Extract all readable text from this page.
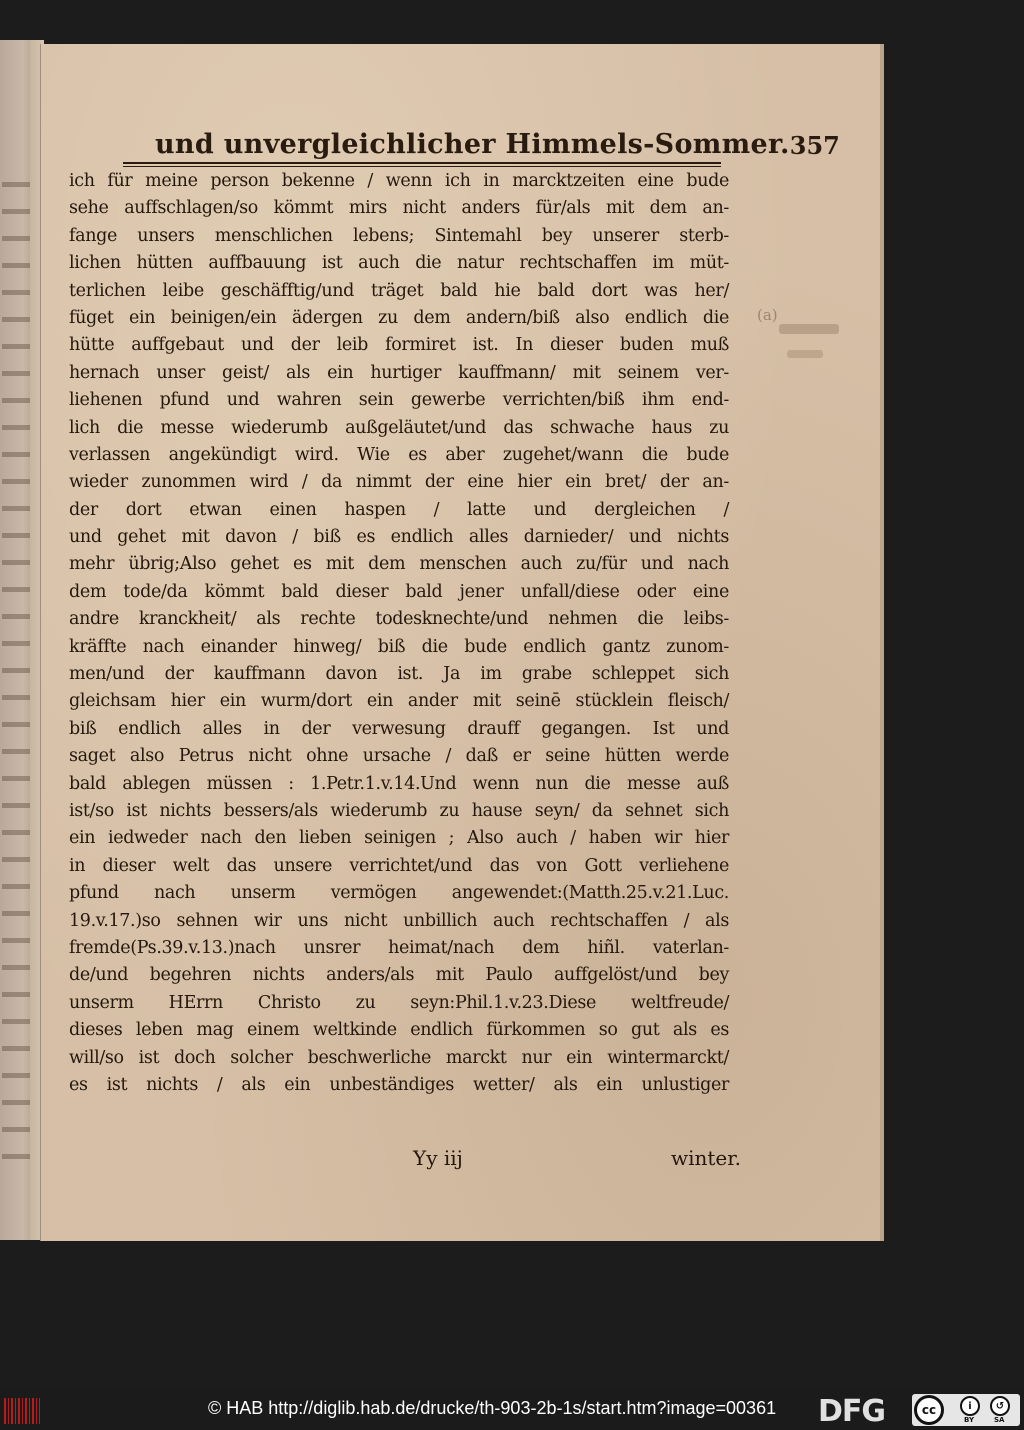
und unvergleichlicher Himmels-Sommer. 357
ich für meine person bekenne / wenn ich in marcktzeiten eine bude
sehe auffschlagen/so kömmt mirs nicht anders für/als mit dem an-
fange unsers menschlichen lebens; Sintemahl bey unserer sterb-
lichen hütten auffbauung ist auch die natur rechtschaffen im müt-
terlichen leibe geschäfftig/und träget bald hie bald dort was her/
füget ein beinigen/ein ädergen zu dem andern/biß also endlich die
hütte auffgebaut und der leib formiret ist. In dieser buden muß
hernach unser geist/ als ein hurtiger kauffmann/ mit seinem ver-
liehenen pfund und wahren sein gewerbe verrichten/biß ihm end-
lich die messe wiederumb außgeläutet/und das schwache haus zu
verlassen angekündigt wird. Wie es aber zugehet/wann die bude
wieder zunommen wird / da nimmt der eine hier ein bret/ der an-
der dort etwan einen haspen / latte und dergleichen /
und gehet mit davon / biß es endlich alles darnieder/ und nichts
mehr übrig;Also gehet es mit dem menschen auch zu/für und nach
dem tode/da kömmt bald dieser bald jener unfall/diese oder eine
andre kranckheit/ als rechte todesknechte/und nehmen die leibs-
kräffte nach einander hinweg/ biß die bude endlich gantz zunom-
men/und der kauffmann davon ist. Ja im grabe schleppet sich
gleichsam hier ein wurm/dort ein ander mit seinē stücklein fleisch/
biß endlich alles in der verwesung drauff gegangen. Ist und
saget also Petrus nicht ohne ursache / daß er seine hütten werde
bald ablegen müssen : 1.Petr.1.v.14.Und wenn nun die messe auß
ist/so ist nichts bessers/als wiederumb zu hause seyn/ da sehnet sich
ein iedweder nach den lieben seinigen ; Also auch / haben wir hier
in dieser welt das unsere verrichtet/und das von Gott verliehene
pfund nach unserm vermögen angewendet:(Matth.25.v.21.Luc.
19.v.17.)so sehnen wir uns nicht unbillich auch rechtschaffen / als
fremde(Ps.39.v.13.)nach unsrer heimat/nach dem hiñl. vaterlan-
de/und begehren nichts anders/als mit Paulo auffgelöst/und bey
unserm HErrn Christo zu seyn:Phil.1.v.23.Diese weltfreude/
dieses leben mag einem weltkinde endlich fürkommen so gut als es
will/so ist doch solcher beschwerliche marckt nur ein wintermarckt/
es ist nichts / als ein unbeständiges wetter/ als ein unlustiger
Yy iij	winter.
(a)
© HAB http://diglib.hab.de/drucke/th-903-2b-1s/start.htm?image=00361 DFG	cc	i	↺
BY	SA
